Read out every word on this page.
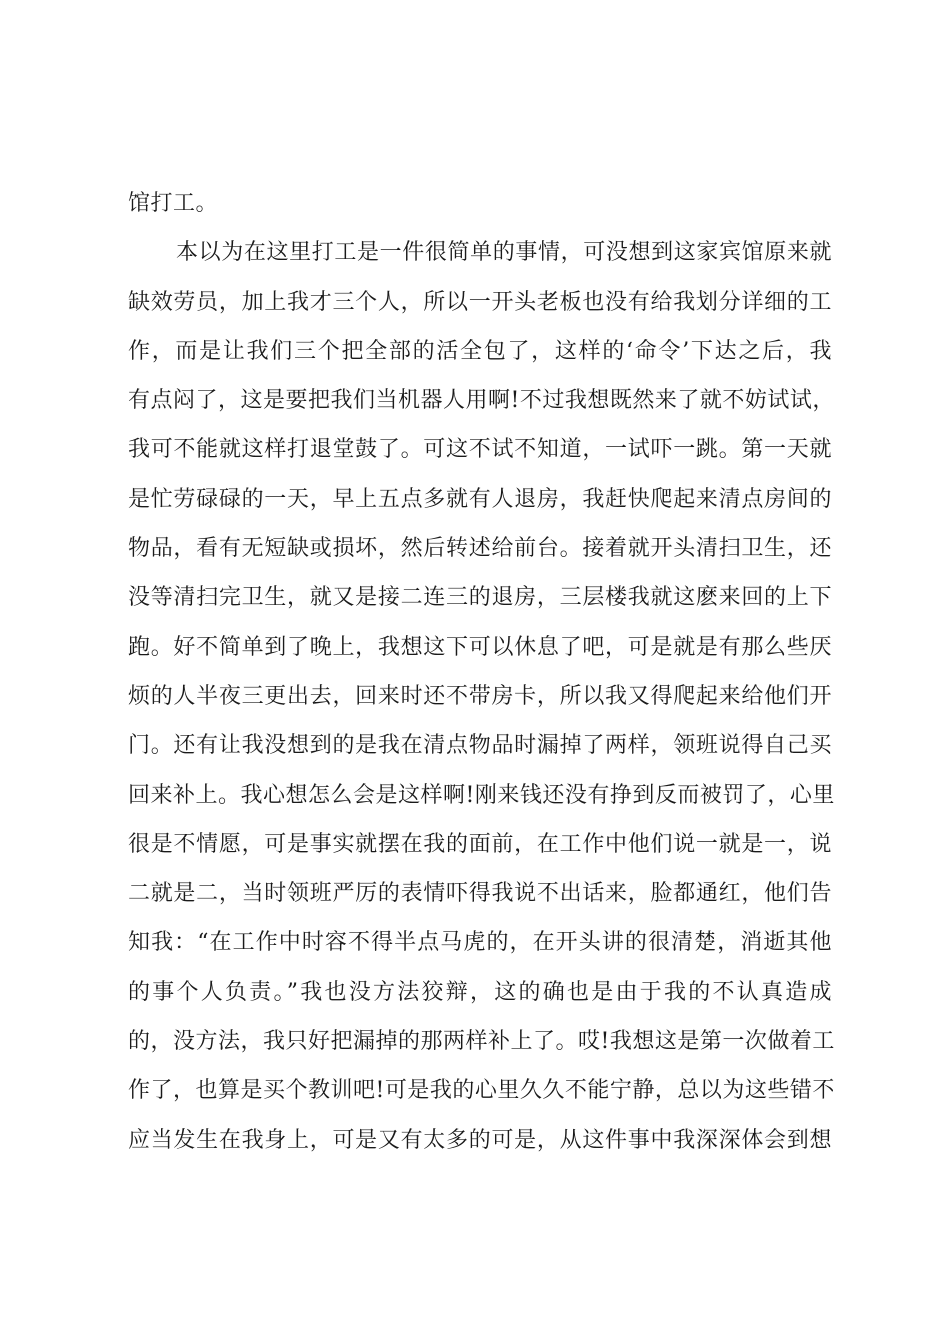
馆打工。
本以为在这里打工是一件很简单的事情，可没想到这家宾馆原来就
缺效劳员，加上我才三个人，所以一开头老板也没有给我划分详细的工
作，而是让我们三个把全部的活全包了，这样的‘命令’下达之后，我
有点闷了，这是要把我们当机器人用啊!不过我想既然来了就不妨试试，
我可不能就这样打退堂鼓了。可这不试不知道，一试吓一跳。第一天就
是忙劳碌碌的一天，早上五点多就有人退房，我赶快爬起来清点房间的
物品，看有无短缺或损坏，然后转述给前台。接着就开头清扫卫生，还
没等清扫完卫生，就又是接二连三的退房，三层楼我就这麽来回的上下
跑。好不简单到了晚上，我想这下可以休息了吧，可是就是有那么些厌
烦的人半夜三更出去，回来时还不带房卡，所以我又得爬起来给他们开
门。还有让我没想到的是我在清点物品时漏掉了两样，领班说得自己买
回来补上。我心想怎么会是这样啊!刚来钱还没有挣到反而被罚了，心里
很是不情愿，可是事实就摆在我的面前，在工作中他们说一就是一，说
二就是二，当时领班严厉的表情吓得我说不出话来，脸都通红，他们告
知我：“在工作中时容不得半点马虎的，在开头讲的很清楚，消逝其他
的事个人负责。”我也没方法狡辩，这的确也是由于我的不认真造成
的，没方法，我只好把漏掉的那两样补上了。哎!我想这是第一次做着工
作了，也算是买个教训吧!可是我的心里久久不能宁静，总以为这些错不
应当发生在我身上，可是又有太多的可是，从这件事中我深深体会到想
